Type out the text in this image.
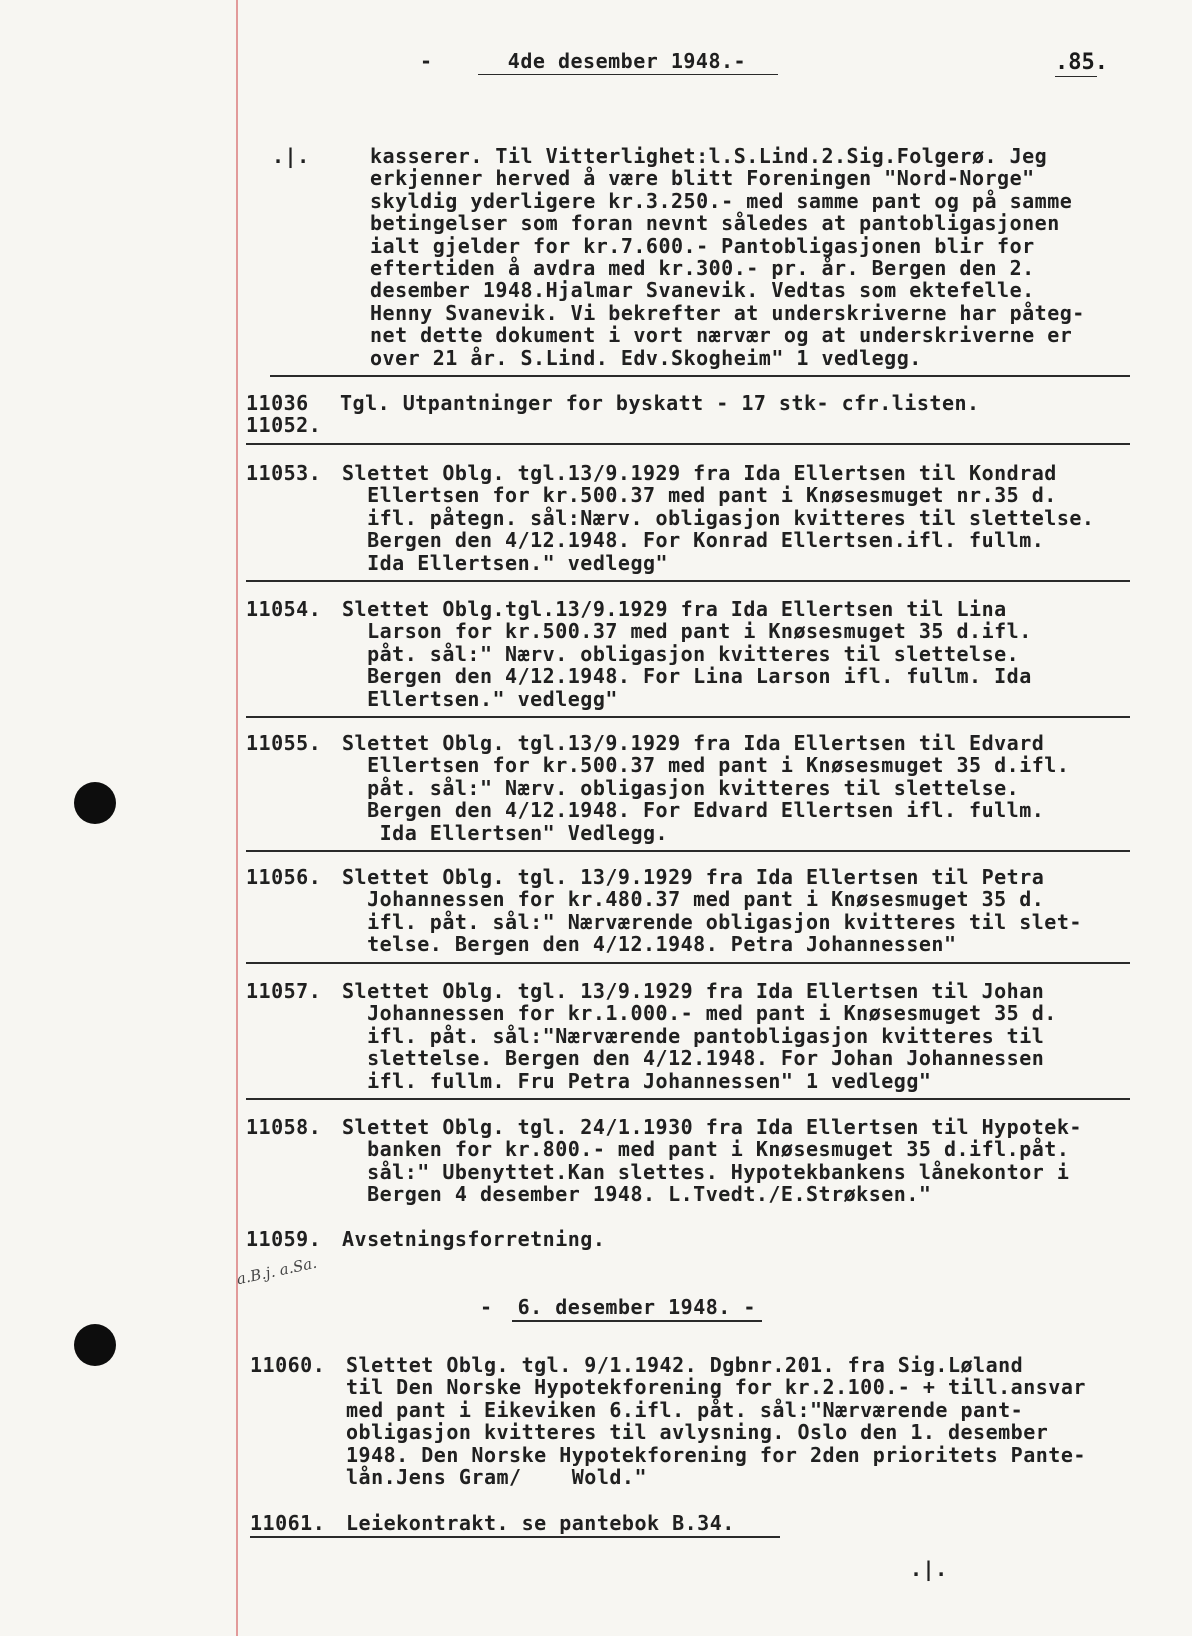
-      4de desember 1948.-	.85.
.|.
a.B.j. a.Sa.
.|.
kasserer. Til Vitterlighet:l.S.Lind.2.Sig.Folgerø. Jeg
erkjenner herved å være blitt Foreningen "Nord-Norge"
skyldig yderligere kr.3.250.- med samme pant og på samme
betingelser som foran nevnt således at pantobligasjonen
ialt gjelder for kr.7.600.- Pantobligasjonen blir for
eftertiden å avdra med kr.300.- pr. år. Bergen den 2.
desember 1948.Hjalmar Svanevik. Vedtas som ektefelle.
Henny Svanevik. Vi bekrefter at underskriverne har påteg-
net dette dokument i vort nærvær og at underskriverne er
over 21 år. S.Lind. Edv.Skogheim" 1 vedlegg.
11036
11052.
Tgl. Utpantninger for byskatt - 17 stk- cfr.listen.
11053. Slettet Oblg. tgl.13/9.1929 fra Ida Ellertsen til Kondrad
Ellertsen for kr.500.37 med pant i Knøsesmuget nr.35 d.
ifl. påtegn. sål:Nærv. obligasjon kvitteres til slettelse.
Bergen den 4/12.1948. For Konrad Ellertsen.ifl. fullm.
Ida Ellertsen." vedlegg"
11054. Slettet Oblg.tgl.13/9.1929 fra Ida Ellertsen til Lina
Larson for kr.500.37 med pant i Knøsesmuget 35 d.ifl.
påt. sål:" Nærv. obligasjon kvitteres til slettelse.
Bergen den 4/12.1948. For Lina Larson ifl. fullm. Ida
Ellertsen." vedlegg"
11055. Slettet Oblg. tgl.13/9.1929 fra Ida Ellertsen til Edvard
Ellertsen for kr.500.37 med pant i Knøsesmuget 35 d.ifl.
påt. sål:" Nærv. obligasjon kvitteres til slettelse.
Bergen den 4/12.1948. For Edvard Ellertsen ifl. fullm.
Ida Ellertsen" Vedlegg.
11056. Slettet Oblg. tgl. 13/9.1929 fra Ida Ellertsen til Petra
Johannessen for kr.480.37 med pant i Knøsesmuget 35 d.
ifl. påt. sål:" Nærværende obligasjon kvitteres til slet-
telse. Bergen den 4/12.1948. Petra Johannessen"
11057. Slettet Oblg. tgl. 13/9.1929 fra Ida Ellertsen til Johan
Johannessen for kr.1.000.- med pant i Knøsesmuget 35 d.
ifl. påt. sål:"Nærværende pantobligasjon kvitteres til
slettelse. Bergen den 4/12.1948. For Johan Johannessen
ifl. fullm. Fru Petra Johannessen" 1 vedlegg"
11058. Slettet Oblg. tgl. 24/1.1930 fra Ida Ellertsen til Hypotek-
banken for kr.800.- med pant i Knøsesmuget 35 d.ifl.påt.
sål:" Ubenyttet.Kan slettes. Hypotekbankens lånekontor i
Bergen 4 desember 1948. L.Tvedt./E.Strøksen."
11059. Avsetningsforretning.
-  6. desember 1948. -
11060. Slettet Oblg. tgl. 9/1.1942. Dgbnr.201. fra Sig.Løland
til Den Norske Hypotekforening for kr.2.100.- + till.ansvar
med pant i Eikeviken 6.ifl. påt. sål:"Nærværende pant-
obligasjon kvitteres til avlysning. Oslo den 1. desember
1948. Den Norske Hypotekforening for 2den prioritets Pante-
lån.Jens Gram/    Wold."
11061. Leiekontrakt. se pantebok B.34.
